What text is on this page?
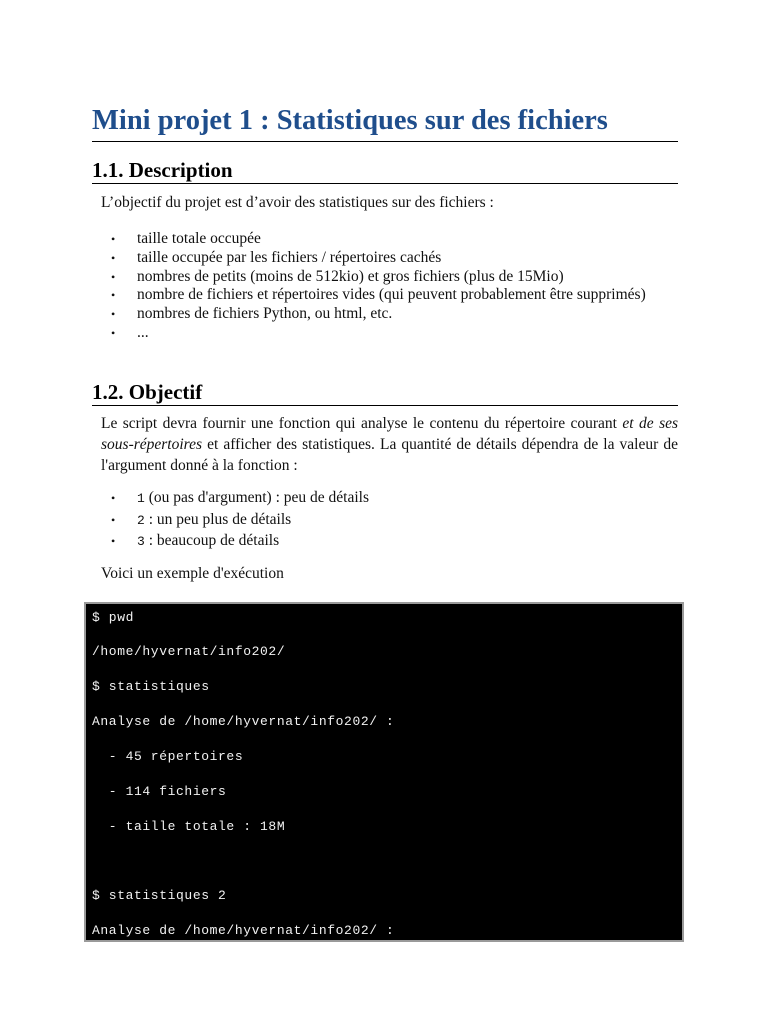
Mini projet 1 : Statistiques sur des fichiers
1.1. Description
L’objectif du projet est d’avoir des statistiques sur des fichiers :
• taille totale occupée
• taille occupée par les fichiers / répertoires cachés
• nombres de petits (moins de 512kio) et gros fichiers (plus de 15Mio)
• nombre de fichiers et répertoires vides (qui peuvent probablement être supprimés)
• nombres de fichiers Python, ou html, etc.
• ...
1.2. Objectif
Le script devra fournir une fonction qui analyse le contenu du répertoire courant et de ses sous-répertoires et afficher des statistiques. La quantité de détails dépendra de la valeur de l'argument donné à la fonction :
• 1 (ou pas d'argument) : peu de détails
• 2 : un peu plus de détails
• 3 : beaucoup de détails
Voici un exemple d'exécution
$ pwd
/home/hyvernat/info202/
$ statistiques
Analyse de /home/hyvernat/info202/ :
- 45 répertoires
- 114 fichiers
- taille totale : 18M
$ statistiques 2
Analyse de /home/hyvernat/info202/ :
